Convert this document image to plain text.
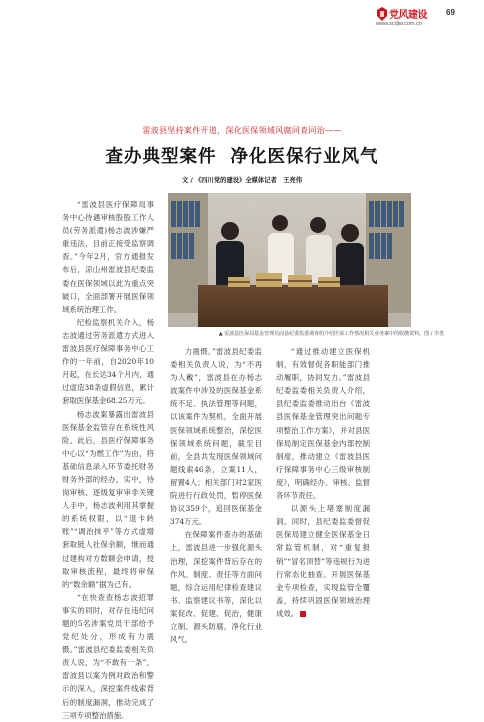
党风建设
www.scdjw.com.cn
69
雷波县坚持案件开道，深化医保领域风腐同查同治——
查办典型案件 净化医保行业风气
文 / 《四川党的建设》全媒体记者　王亮伟
▲ 雷波县医保局基金管理员向县纪委监委调查组介绍医保工作情况相关业务案中的收缴资料。图 / 李勇

“雷波县医疗保障局事务中心待遇审核股股工作人员(劳务派遣)杨志波涉嫌严重违法，目前正接受监察调查。”今年2月，官方通报发布后，凉山州雷波县纪委监委在医保领域以此为重点突破口，全面部署开展医保领域系统治理工作。

纪检监察机关介入，杨志波通过劳务派遣方式进入雷波县医疗保障事务中心工作的一年前，自2020年10月起，在长达34个月内，通过虚造38条虚假信息，累计套取医保基金68.25万元。

杨志波案暴露出雷波县医保基金监管存在系统性风险。此后，县医疗保障事务中心以“为燃工作”为由，将基础信息录入环节委托财务财务外部的经办，实中，待岗审核、逐级复审审非关键人手中，杨志波利用其掌握的系统权限，以“退卡转账”“调治抹平”等方式虚增套取链人社保余额，继而通过建构对方数额会申请，授取审核流程，最终将审保的“数余额”据为己有。

“在快查查杨志波招罪事实的同时，对存在违纪问题的5名涉案党员干部给予党纪处分，形成有力震慑。”雷波县纪委监委相关负责人说，为“不敢有一条”，雷波县以案为例对政治和警示的深入，深挖案件线索背后的制度漏洞，推动完成了三项专项整治措施。

力震慑。”雷波县纪委监委相关负责人说，为“不再为人戴”，雷波县在办杨志波案件中涉及的医保基金系统不足、执法管理等问题，以该案件为契机，全面开展医保领域系统整治，深挖医保领域系统问题，截至目前，全县共发现医保领域问题线索46条，立案11人，留置4人；相关部门对2家医院进行行政处罚，暂停医保协议359个，追回医保基金374万元。

在保障案件查办的基础上，雷波县进一步强化源头治理，深挖案件背后存在的作风、制度、责任等方面问题，综合运用纪律检查建议书、监察建议书等，深化以案促改、促建、促治，健康立制、源头防腐，净化行业风气。

“通过推动建立医保机制，有效督促各职能部门推动履职，协同发力。”雷波县纪委监委相关负责人介绍，县纪委监委推动出台《雷波县医保基金管理突出问题专项整治工作方案》，并对县医保局制定医保基金内部控制制度，推动建立《雷波县医疗保障事务中心三级审核制度》，明确经办、审核、监督各环节责任。

以源头上堵塞制度漏洞。同时，县纪委监委督促医保局建立健全医保基金日常监管机制，对“重复报销”“冒名顶替”等违规行为进行常态化抽查。开展医保基金专项检查，实现监管全覆盖，持续巩固医保领域治理成效。
